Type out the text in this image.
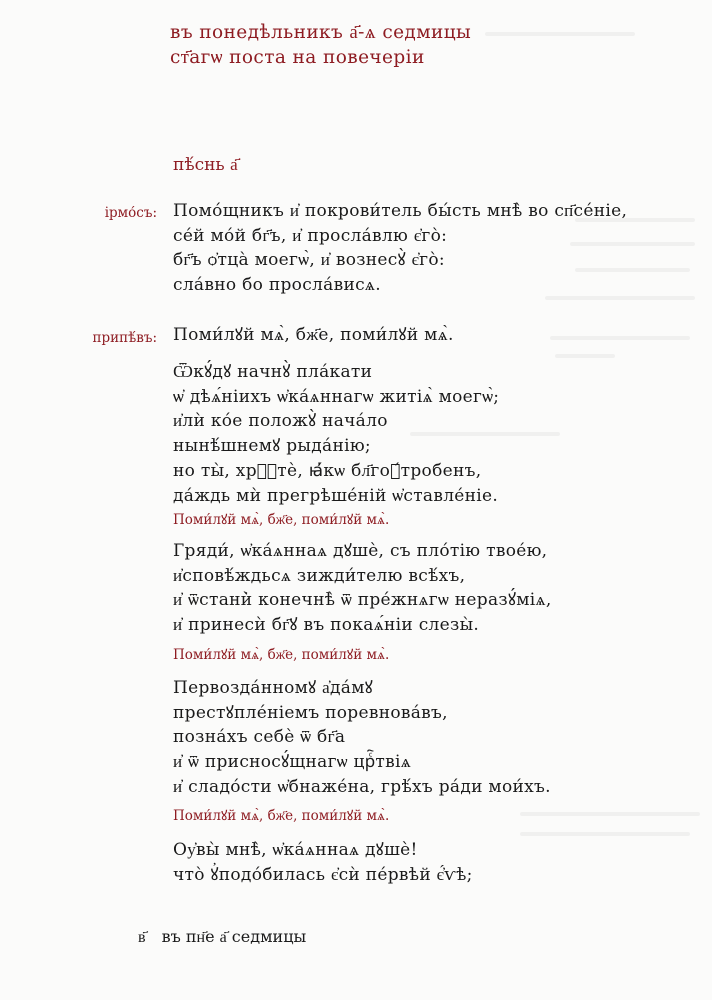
въ понедѣльникъ а҃-ѧ седмицы
ст҃агѡ поста на повечеріи
пѣ́снь а҃
ірмо́съ: Помо́щникъ и҆ покрови́тель бы́сть мнѣ̀ во сп҃се́ніе,
се́й мо́й бг҃ъ, и҆ просла́влю є҆го̀:
бг҃ъ ѻ҆тца̀ моегѡ̀, и҆ вознесꙋ̀ є҆го̀:
сла́вно бо просла́висѧ.
припѣ́въ: Поми́лꙋй мѧ̀, бж҃е, поми́лꙋй мѧ̀.
Ѿкꙋ́дꙋ начнꙋ̀ пла́кати
ѡ҆ дѣѧ́ніихъ ѡ҆ка́ѧннагѡ житіѧ̀ моегѡ̀;
и҆лѝ ко́е положꙋ̀ нача́ло
нынѣ́шнемꙋ рыда́нію;
но ты̀, хрⷭ҇тѐ, ꙗ҆́кѡ бл҃гоꙋ́тробенъ,
да́ждь мѝ прегрѣше́ній ѡ҆ставле́ніе.
Поми́лꙋй мѧ̀, бж҃е, поми́лꙋй мѧ̀.
Гряди́, ѡ҆ка́ѧннаѧ дꙋшѐ, съ пло́тію твое́ю,
и҆сповѣ́ждьсѧ зижди́телю всѣ́хъ,
и҆ ѿстани̇̀ конечнѣ̀ ѿ пре́жнѧгѡ неразꙋ́міѧ,
и҆ принесѝ бг҃ꙋ въ покаѧ́ніи слезы̀.
Поми́лꙋй мѧ̀, бж҃е, поми́лꙋй мѧ̀.
Первозда́нномꙋ а҆да́мꙋ
престꙋпле́ніемъ поревнова́въ,
позна́хъ себѐ ѿ бг҃а
и҆ ѿ присносꙋ́щнагѡ црⷭ҇твіѧ
и҆ сладо́сти ѡ҆бнаже́на, грѣ́хъ ра́ди мои́хъ.
Поми́лꙋй мѧ̀, бж҃е, поми́лꙋй мѧ̀.
Оу҆вы̀ мнѣ̀, ѡ҆ка́ѧннаѧ дꙋшѐ!
что̀ ꙋ҆подо́билась є҆сѝ пе́рвѣй є҆́ѵѣ;
в҃ въ пн҃е а҃ седмицы
